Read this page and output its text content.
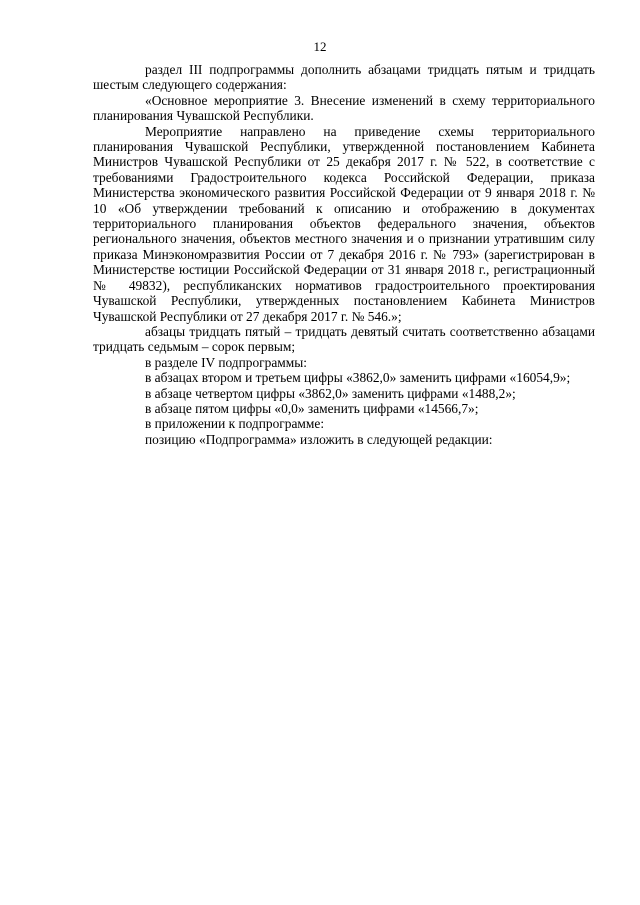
12

раздел III подпрограммы дополнить абзацами тридцать пятым и тридцать шестым следующего содержания:

«Основное мероприятие 3. Внесение изменений в схему территориального планирования Чувашской Республики.

Мероприятие направлено на приведение схемы территориального планирования Чувашской Республики, утвержденной постановлением Кабинета Министров Чувашской Республики от 25 декабря 2017 г. № 522, в соответствие с требованиями Градостроительного кодекса Российской Федерации, приказа Министерства экономического развития Российской Федерации от 9 января 2018 г. № 10 «Об утверждении требований к описанию и отображению в документах территориального планирования объектов федерального значения, объектов регионального значения, объектов местного значения и о признании утратившим силу приказа Минэкономразвития России от 7 декабря 2016 г. № 793» (зарегистрирован в Министерстве юстиции Российской Федерации от 31 января 2018 г., регистрационный № 49832), республиканских нормативов градостроительного проектирования Чувашской Республики, утвержденных постановлением Кабинета Министров Чувашской Республики от 27 декабря 2017 г. № 546.»;

абзацы тридцать пятый – тридцать девятый считать соответственно абзацами тридцать седьмым – сорок первым;

в разделе IV подпрограммы:

в абзацах втором и третьем цифры «3862,0» заменить цифрами «16054,9»;

в абзаце четвертом цифры «3862,0» заменить цифрами «1488,2»;

в абзаце пятом цифры «0,0» заменить цифрами «14566,7»;

в приложении к подпрограмме:

позицию «Подпрограмма» изложить в следующей редакции:
